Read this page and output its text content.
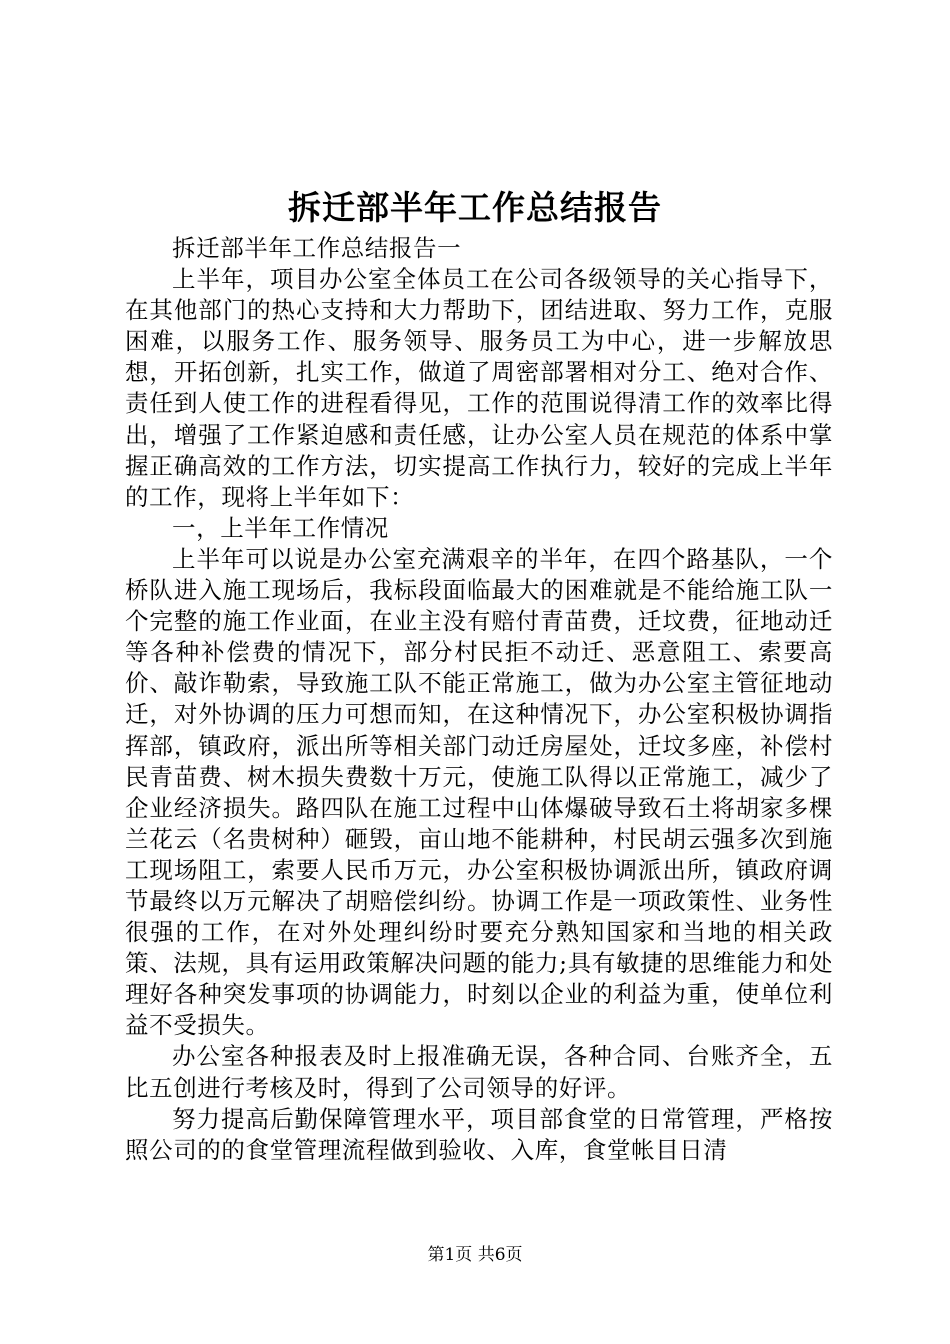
拆迁部半年工作总结报告

拆迁部半年工作总结报告一

上半年，项目办公室全体员工在公司各级领导的关心指导下，在其他部门的热心支持和大力帮助下，团结进取、努力工作，克服困难，以服务工作、服务领导、服务员工为中心，进一步解放思想，开拓创新，扎实工作，做道了周密部署相对分工、绝对合作、责任到人使工作的进程看得见，工作的范围说得清工作的效率比得出，增强了工作紧迫感和责任感，让办公室人员在规范的体系中掌握正确高效的工作方法，切实提高工作执行力，较好的完成上半年的工作，现将上半年如下：

一，上半年工作情况

上半年可以说是办公室充满艰辛的半年，在四个路基队，一个桥队进入施工现场后，我标段面临最大的困难就是不能给施工队一个完整的施工作业面，在业主没有赔付青苗费，迁坟费，征地动迁等各种补偿费的情况下，部分村民拒不动迁、恶意阻工、索要高价、敲诈勒索，导致施工队不能正常施工，做为办公室主管征地动迁，对外协调的压力可想而知，在这种情况下，办公室积极协调指挥部，镇政府，派出所等相关部门动迁房屋处，迁坟多座，补偿村民青苗费、树木损失费数十万元，使施工队得以正常施工，减少了企业经济损失。路四队在施工过程中山体爆破导致石土将胡家多棵兰花云（名贵树种）砸毁，亩山地不能耕种，村民胡云强多次到施工现场阻工，索要人民币万元，办公室积极协调派出所，镇政府调节最终以万元解决了胡赔偿纠纷。协调工作是一项政策性、业务性很强的工作，在对外处理纠纷时要充分熟知国家和当地的相关政策、法规，具有运用政策解决问题的能力;具有敏捷的思维能力和处理好各种突发事项的协调能力，时刻以企业的利益为重，使单位利益不受损失。

办公室各种报表及时上报准确无误，各种合同、台账齐全，五比五创进行考核及时，得到了公司领导的好评。

努力提高后勤保障管理水平，项目部食堂的日常管理，严格按照公司的的食堂管理流程做到验收、入库，食堂帐目日清

第1页 共6页
